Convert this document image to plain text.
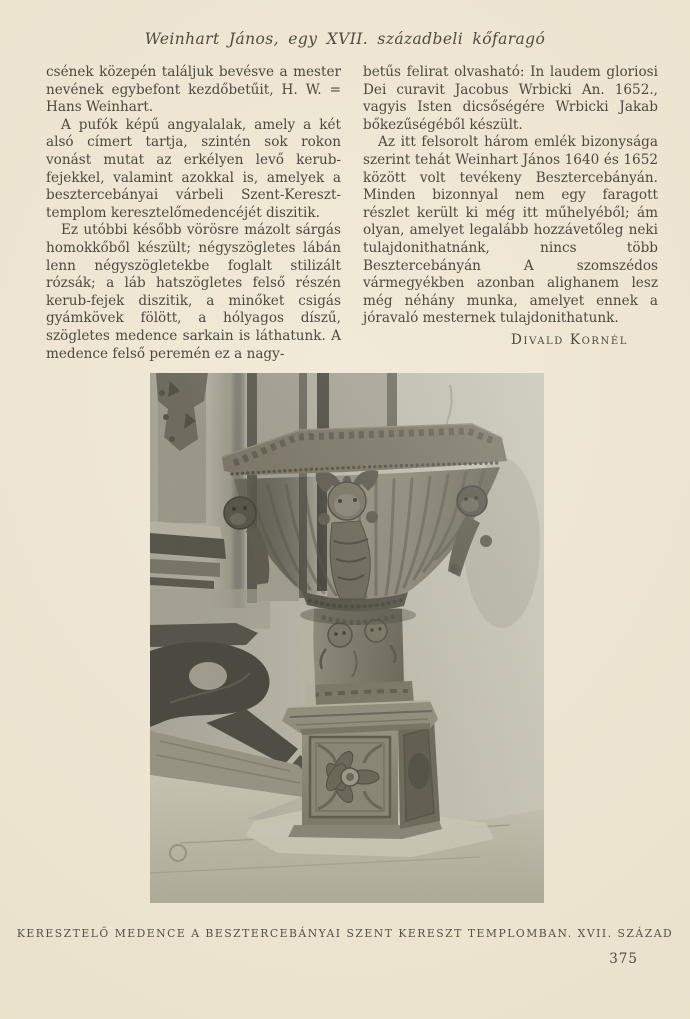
Weinhart János, egy XVII. századbeli kőfaragó

csének közepén találjuk bevésve a mester nevének egybefont kezdőbetűit, H. W. = Hans Weinhart.

A pufók képű angyalalak, amely a két alsó címert tartja, szintén sok rokon vonást mutat az erkélyen levő kerub-fejekkel, valamint azokkal is, amelyek a besztercebányai várbeli Szent-Kereszt-templom keresztelőmedencéjét diszitik.

Ez utóbbi később vörösre mázolt sárgás homokkőből készült; négyszögletes lábán lenn négyszögletekbe foglalt stilizált rózsák; a láb hatszögletes felső részén kerub-fejek diszitik, a minőket csigás gyámkövek fölött, a hólyagos díszű, szögletes medence sarkain is láthatunk. A medence felső peremén ez a nagy-

betűs felirat olvasható: In laudem gloriosi Dei curavit Jacobus Wrbicki An. 1652., vagyis Isten dicsőségére Wrbicki Jakab bőkezűségéből készült.

Az itt felsorolt három emlék bizonysága szerint tehát Weinhart János 1640 és 1652 között volt tevékeny Besztercebányán. Minden bizonnyal nem egy faragott részlet került ki még itt műhelyéből; ám olyan, amelyet legalább hozzávetőleg neki tulajdonithatnánk, nincs több Besztercebányán A szomszédos vármegyékben azonban alighanem lesz még néhány munka, amelyet ennek a jóravaló mesternek tulajdonithatunk.

Divald Kornél
KERESZTELŐ MEDENCE A BESZTERCEBÁNYAI SZENT KERESZT TEMPLOMBAN. XVII. SZÁZAD
375
